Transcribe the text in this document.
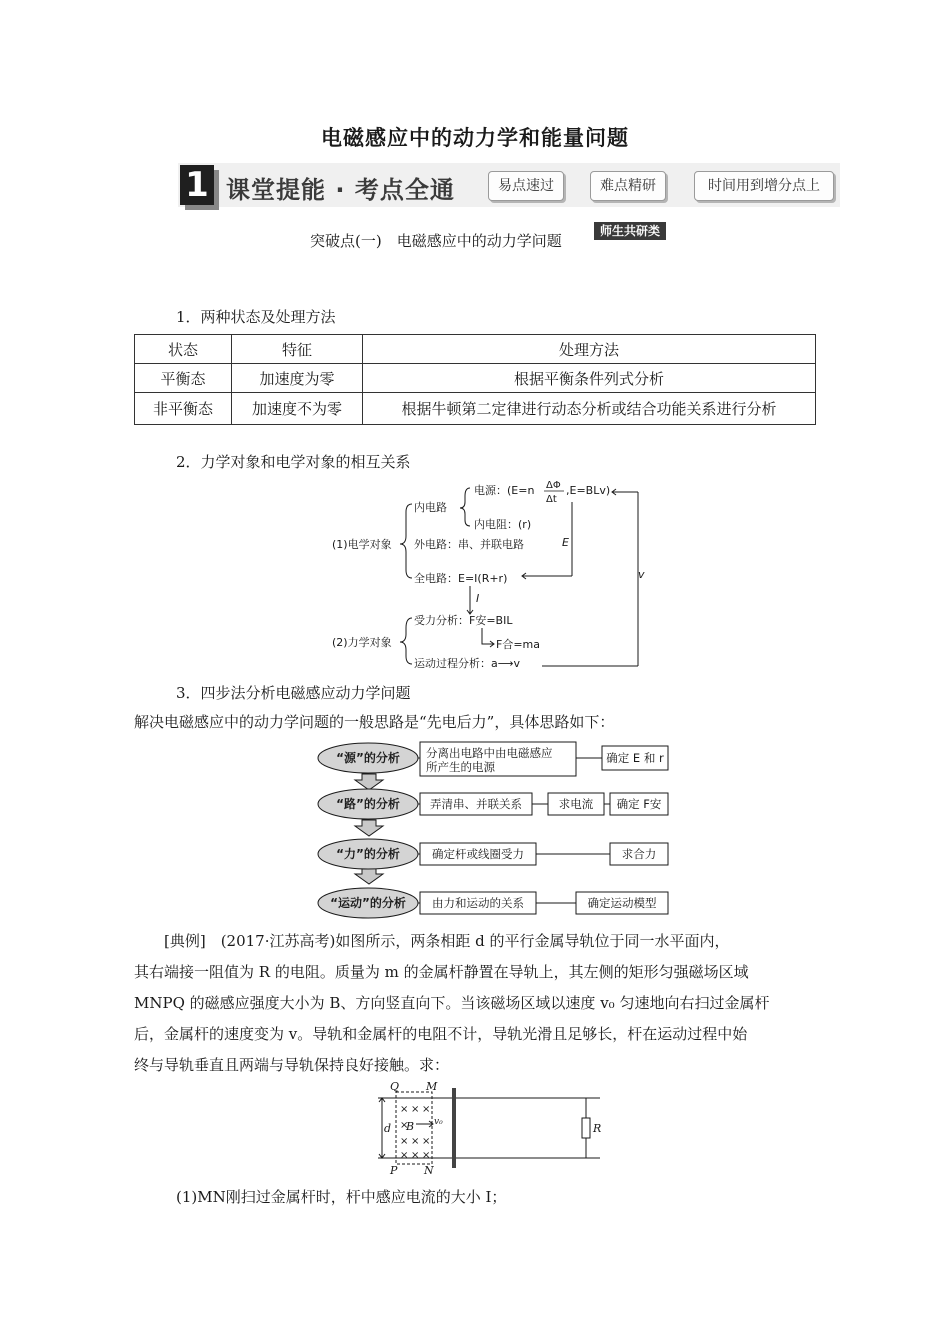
电磁感应中的动力学和能量问题
1 课堂提能 · 考点全通	易点速过	难点精研	时间用到增分点上
突破点(一)　电磁感应中的动力学问题
师生共研类
1．两种状态及处理方法
状态	特征	处理方法
平衡态	加速度为零	根据平衡条件列式分析
非平衡态	加速度不为零	根据牛顿第二定律进行动态分析或结合功能关系进行分析
2．力学对象和电学对象的相互关系
(1)电学对象
内电路
电源：(E=n ΔΦ
Δt
,E=BLv)
内电阻：(r)
外电路：串、并联电路
全电路：E=I(R+r)
E
v
I
(2)力学对象
受力分析：F安=BIL
F合=ma
运动过程分析：a⟶v
3．四步法分析电磁感应动力学问题
解决电磁感应中的动力学问题的一般思路是“先电后力”，具体思路如下：
“源”的分析
“路”的分析
“力”的分析
“运动”的分析
分离出电路中由电磁感应
所产生的电源
确定 E 和 r
弄清串、并联关系	求电流 确定 F安
确定杆或线圈受力	求合力
由力和运动的关系	确定运动模型

[典例]　(2017·江苏高考)如图所示，两条相距 d 的平行金属导轨位于同一水平面内，

其右端接一阻值为 R 的电阻。质量为 m 的金属杆静置在导轨上，其左侧的矩形匀强磁场区域

MNPQ 的磁感应强度大小为 B、方向竖直向下。当该磁场区域以速度 v₀ 匀速地向右扫过金属杆

后，金属杆的速度变为 v。导轨和金属杆的电阻不计，导轨光滑且足够长，杆在运动过程中始

终与导轨垂直且两端与导轨保持良好接触。求：

× × ×
×
× × ×
× × ×
Q M
P N
B v₀
d	R
(1)MN刚扫过金属杆时，杆中感应电流的大小 I；
